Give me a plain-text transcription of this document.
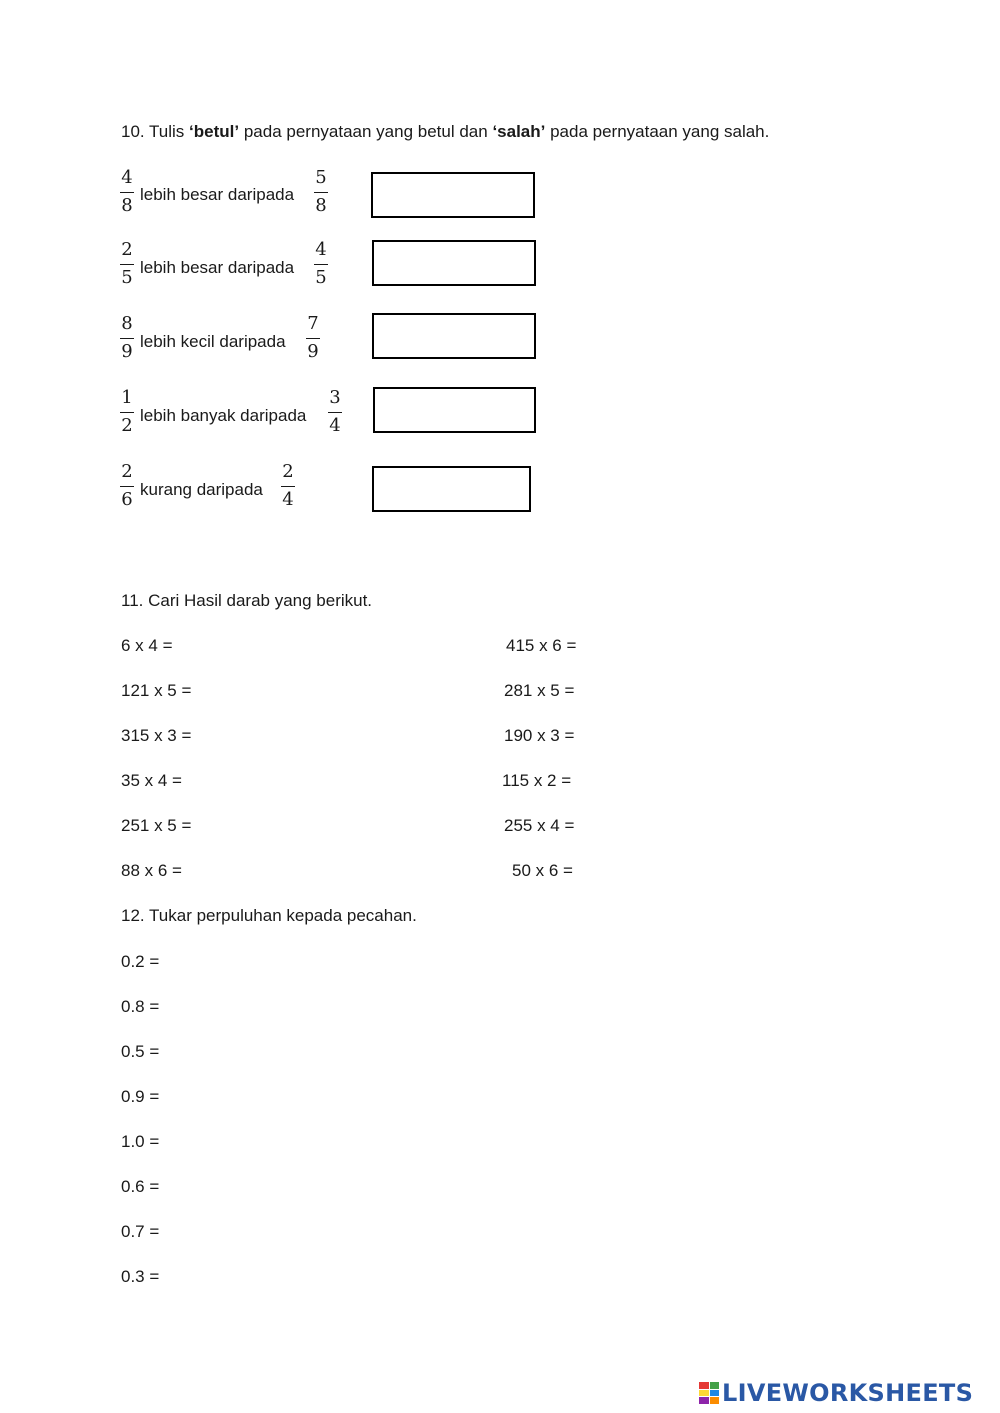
10. Tulis ‘betul’ pada pernyataan yang betul dan ‘salah’ pada pernyataan yang salah.
4
8
lebih besar daripada
5
8
2
5 lebih besar daripada
4
5
8
9 lebih kecil daripada
7
9
1
2 lebih banyak daripada
3
4
2
6 kurang daripada
2
4
11. Cari Hasil darab yang berikut.
6 x 4 =
121 x 5 =
315 x 3 =
35 x 4 =
251 x 5 =
88 x 6 =
415 x 6 =
281 x 5 =
190 x 3 =
115 x 2 =
255 x 4 =
50 x 6 =
12. Tukar perpuluhan kepada pecahan.
0.2 =
0.8 =
0.5 =
0.9 =
1.0 =
0.6 =
0.7 =
0.3 =
LIVEWORKSHEETS
